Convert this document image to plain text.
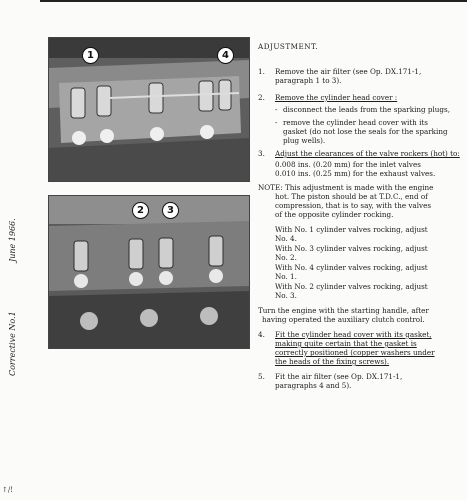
1	4
2	3
ADJUSTMENT.
1.	Remove the air filter (see Op. DX.171-1,
paragraph 1 to 3).
2.	Remove the cylinder head cover :
- disconnect the leads from the sparking plugs,
- remove the cylinder head cover with its
gasket (do not lose the seals for the sparking
plug wells).
3.	Adjust the clearances of the valve rockers (hot) to:
0.008 ins. (0.20 mm) for the inlet valves
0.010 ins. (0.25 mm) for the exhaust valves.
NOTE: This adjustment is made with the engine
hot. The piston should be at T.D.C., end of
compression, that is to say, with the valves
of the opposite cylinder rocking.
With No. 1 cylinder valves rocking, adjust
No. 4.
With No. 3 cylinder valves rocking, adjust
No. 2.
With No. 4 cylinder valves rocking, adjust
No. 1.
With No. 2 cylinder valves rocking, adjust
No. 3.
Turn the engine with the starting handle, after
having operated the auxiliary clutch control.
4.	Fit the cylinder head cover with its gasket,
making quite certain that the gasket is
correctly positioned (copper washers under
the heads of the fixing screws).
5.	Fit the air filter (see Op. DX.171-1,
paragraphs 4 and 5).
June 1966.
Corrective No.1
↑/!
